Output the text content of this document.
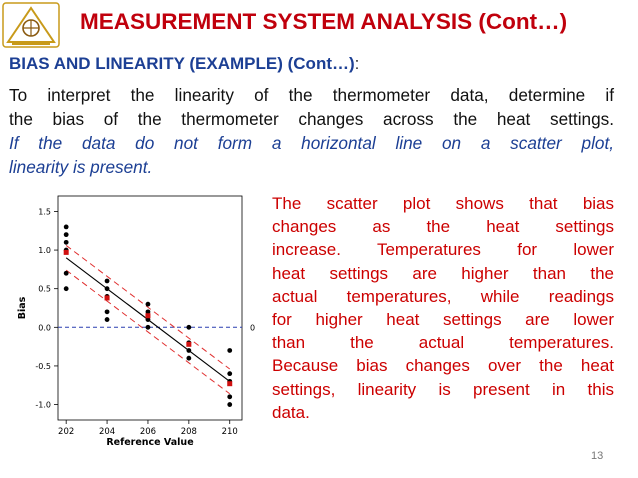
MEASUREMENT SYSTEM ANALYSIS (Cont…)
BIAS AND LINEARITY (EXAMPLE) (Cont…):
To interpret the linearity of the thermometer data, determine if
the bias of the thermometer changes across the heat settings.
If the data do not form a horizontal line on a scatter plot,
linearity is present.
1.5
1.0
0.5
0.0
-0.5
-1.0
202	204	206	208	210
Reference Value
Bias
0
The scatter plot shows that bias
changes as the heat settings
increase. Temperatures for lower
heat settings are higher than the
actual temperatures, while readings
for higher heat settings are lower
than the actual temperatures.
Because bias changes over the heat
settings, linearity is present in this
data.
13
